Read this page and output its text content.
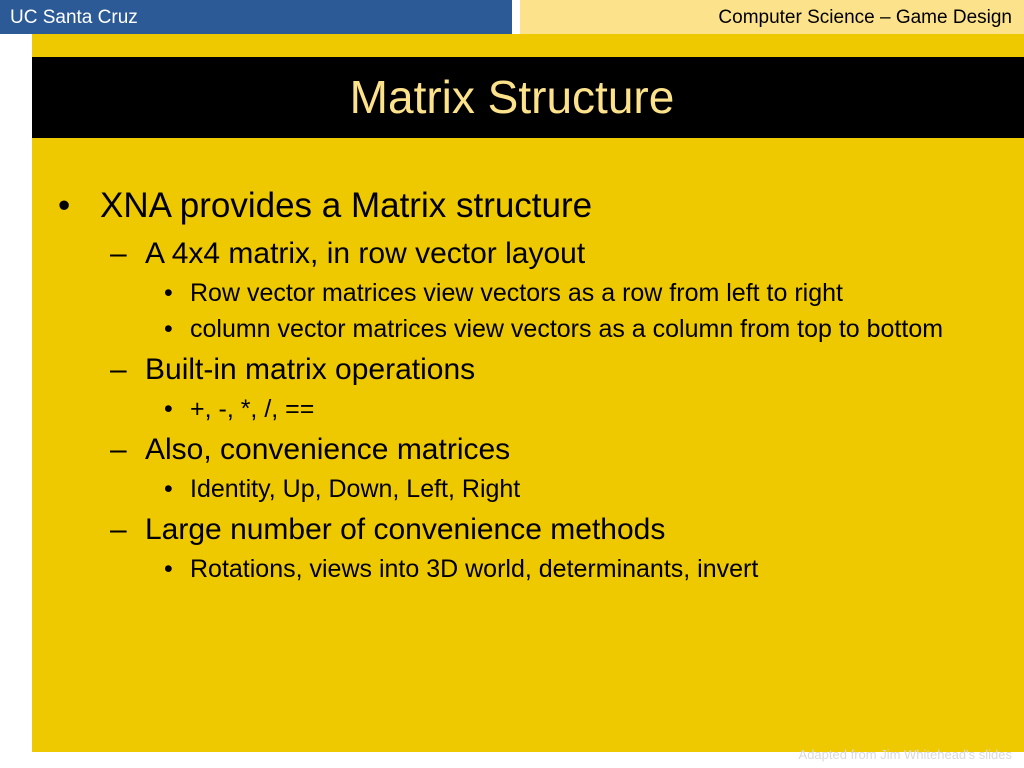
UC Santa Cruz	Computer Science – Game Design
Matrix Structure
• XNA provides a Matrix structure
– A 4x4 matrix, in row vector layout
• Row vector matrices view vectors as a row from left to right
• column vector matrices view vectors as a column from top to bottom
– Built-in matrix operations
• +, -, *, /, ==
– Also, convenience matrices
• Identity, Up, Down, Left, Right
– Large number of convenience methods
• Rotations, views into 3D world, determinants, invert
Adapted from Jim Whitehead's slides
